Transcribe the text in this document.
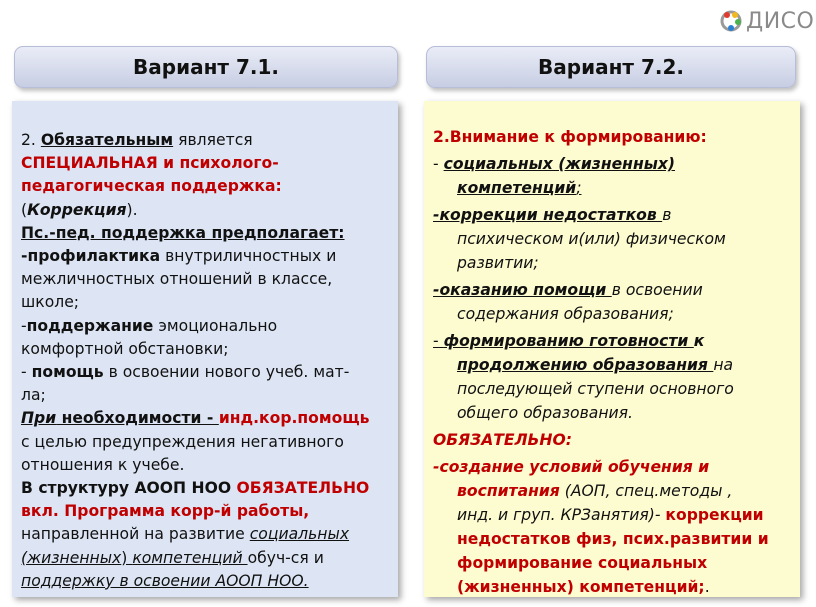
ДИСО
Вариант 7.1.	Вариант 7.2.
2. Обязательным является
СПЕЦИАЛЬНАЯ и психолого-
педагогическая поддержка:
(Коррекция).
Пс.-пед. поддержка предполагает:
-профилактика внутриличностных и
межличностных отношений в классе,
школе;
-поддержание эмоционально
комфортной обстановки;
- помощь в освоении нового учеб. мат-
ла;
При необходимости - инд.кор.помощь
с целью предупреждения негативного
отношения к учебе.
В структуру АООП НОО ОБЯЗАТЕЛЬНО
вкл. Программа корр-й работы,
направленной на развитие социальных
(жизненных) компетенций обуч-ся и
поддержку в освоении АООП НОО.
2.Внимание к формированию:
- социальных (жизненных)
компетенций;
-коррекции недостатков в
психическом и(или) физическом
развитии;
-оказанию помощи в освоении
содержания образования;
- формированию готовности к
продолжению образования на
последующей ступени основного
общего образования.
ОБЯЗАТЕЛЬНО:
-создание условий обучения и
воспитания (АОП, спец.методы ,
инд. и груп. КРЗанятия)- коррекции
недостатков физ, псих.развитии и
формирование социальных
(жизненных) компетенций;.
